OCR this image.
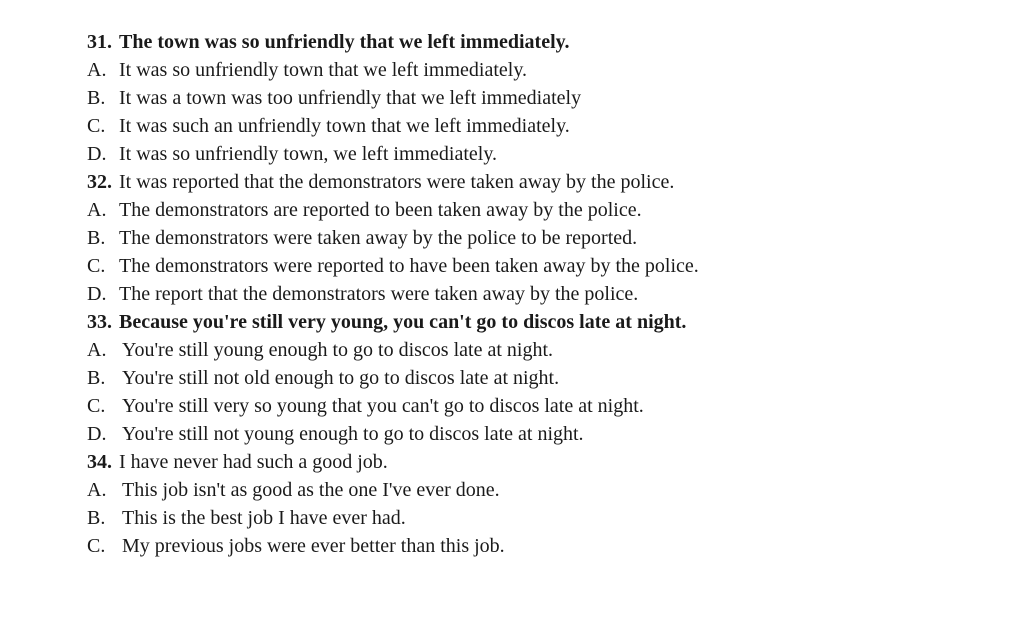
31. The town was so unfriendly that we left immediately.
A. It was so unfriendly town that we left immediately.
B. It was a town was too unfriendly that we left immediately
C. It was such an unfriendly town that we left immediately.
D. It was so unfriendly town, we left immediately.
32. It was reported that the demonstrators were taken away by the police.
A. The demonstrators are reported to been taken away by the police.
B. The demonstrators were taken away by the police to be reported.
C. The demonstrators were reported to have been taken away by the police.
D. The report that the demonstrators were taken away by the police.
33. Because you're still very young, you can't go to discos late at night.
A. You're still young enough to go to discos late at night.
B. You're still not old enough to go to discos late at night.
C. You're still very so young that you can't go to discos late at night.
D. You're still not young enough to go to discos late at night.
34. I have never had such a good job.
A. This job isn't as good as the one I've ever done.
B. This is the best job I have ever had.
C. My previous jobs were ever better than this job.
